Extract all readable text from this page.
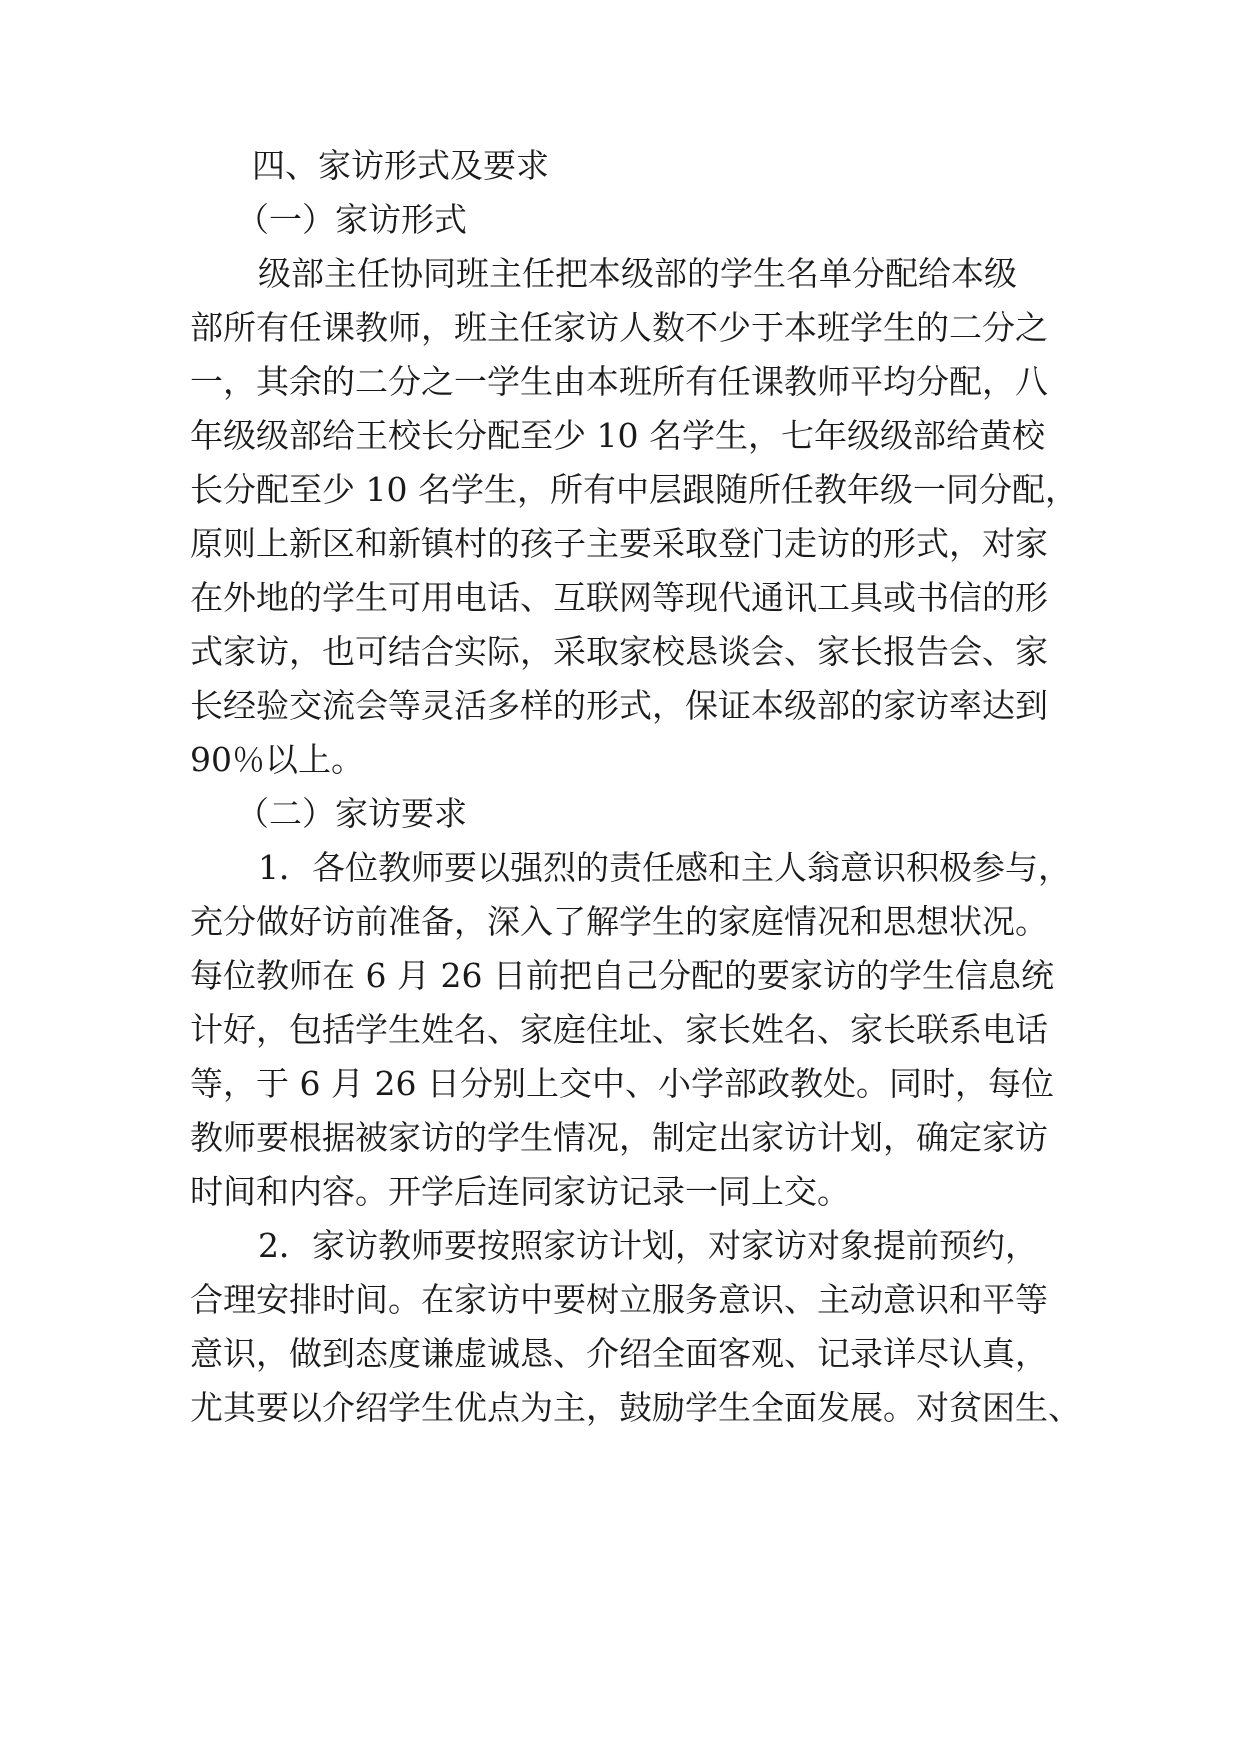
四、家访形式及要求
（一）家访形式
级部主任协同班主任把本级部的学生名单分配给本级
部所有任课教师，班主任家访人数不少于本班学生的二分之
一，其余的二分之一学生由本班所有任课教师平均分配，八
年级级部给王校长分配至少 10 名学生，七年级级部给黄校
长分配至少 10 名学生，所有中层跟随所任教年级一同分配，
原则上新区和新镇村的孩子主要采取登门走访的形式，对家
在外地的学生可用电话、互联网等现代通讯工具或书信的形
式家访，也可结合实际，采取家校恳谈会、家长报告会、家
长经验交流会等灵活多样的形式，保证本级部的家访率达到
90％以上。
（二）家访要求
1．各位教师要以强烈的责任感和主人翁意识积极参与，
充分做好访前准备，深入了解学生的家庭情况和思想状况。
每位教师在 6 月 26 日前把自己分配的要家访的学生信息统
计好，包括学生姓名、家庭住址、家长姓名、家长联系电话
等，于 6 月 26 日分别上交中、小学部政教处。同时，每位
教师要根据被家访的学生情况，制定出家访计划，确定家访
时间和内容。开学后连同家访记录一同上交。
2．家访教师要按照家访计划，对家访对象提前预约，
合理安排时间。在家访中要树立服务意识、主动意识和平等
意识，做到态度谦虚诚恳、介绍全面客观、记录详尽认真，
尤其要以介绍学生优点为主，鼓励学生全面发展。对贫困生、
